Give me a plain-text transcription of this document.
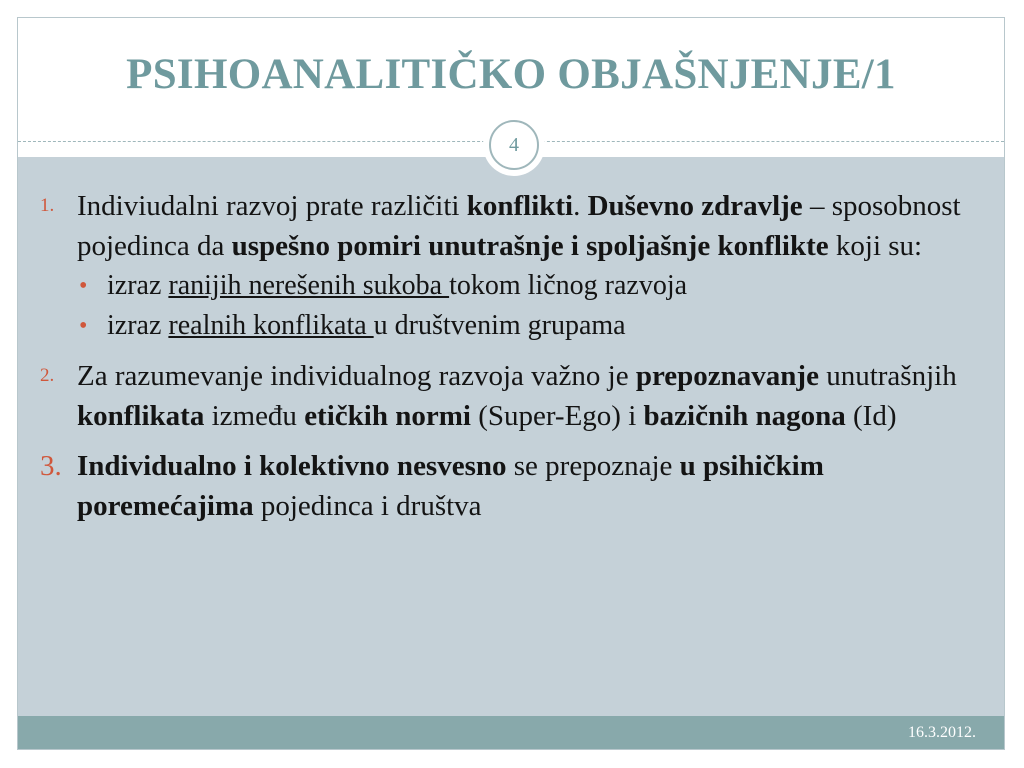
PSIHOANALITIČKO OBJAŠNJENJE/1
4
1. Indiviudalni razvoj prate različiti konflikti. Duševno zdravlje – sposobnost pojedinca da uspešno pomiri unutrašnje i spoljašnje konflikte koji su:
• izraz ranijih nerešenih sukoba tokom ličnog razvoja
• izraz realnih konflikata u društvenim grupama
2. Za razumevanje individualnog razvoja važno je prepoznavanje unutrašnjih konflikata između etičkih normi (Super-Ego) i bazičnih nagona (Id)
3. Individualno i kolektivno nesvesno se prepoznaje u psihičkim poremećajima pojedinca i društva
16.3.2012.
